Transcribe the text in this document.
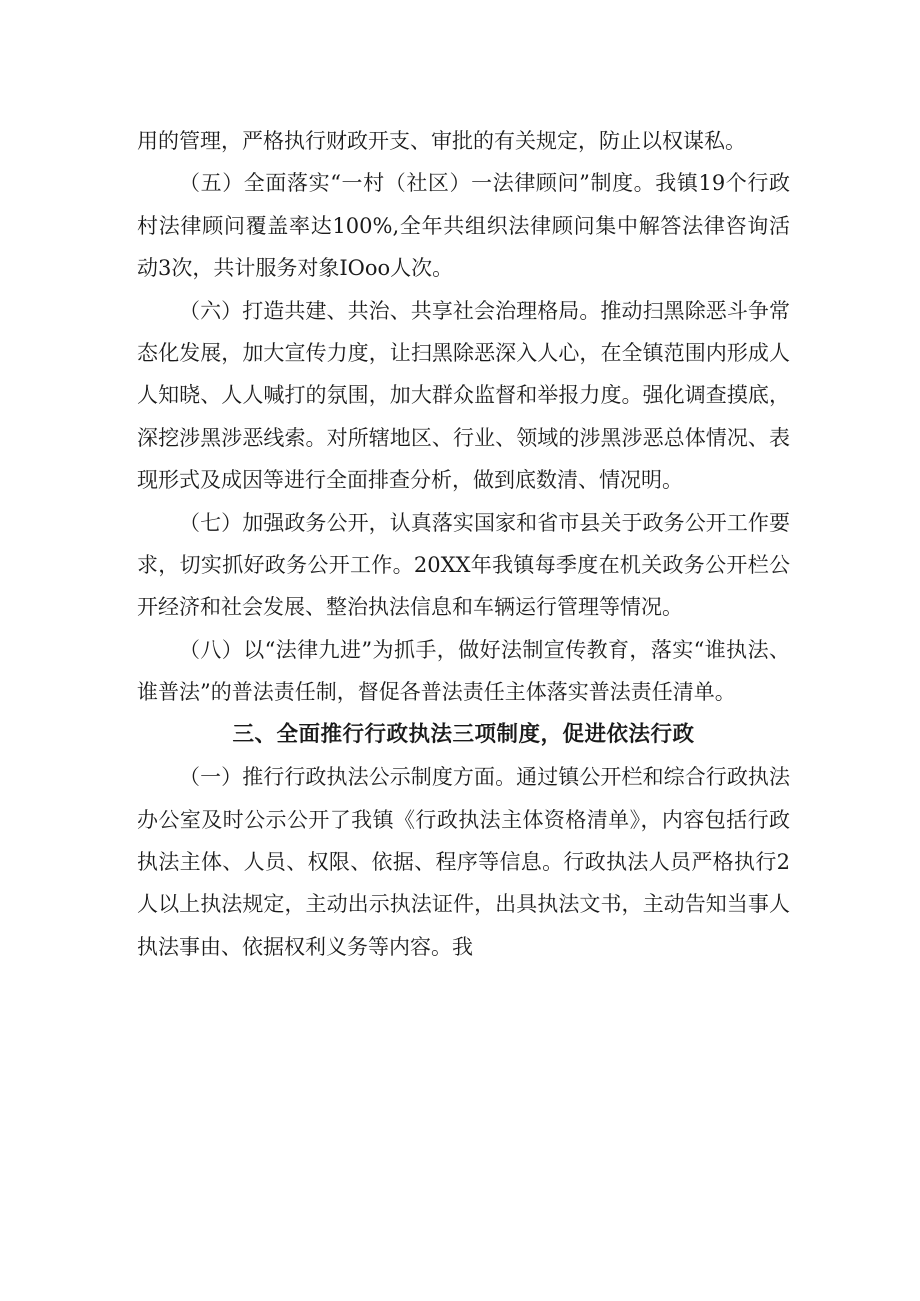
用的管理，严格执行财政开支、审批的有关规定，防止以权谋私。

（五）全面落实“一村（社区）一法律顾问”制度。我镇19个行政村法律顾问覆盖率达100%,全年共组织法律顾问集中解答法律咨询活动3次，共计服务对象IOoo人次。

（六）打造共建、共治、共享社会治理格局。推动扫黑除恶斗争常态化发展，加大宣传力度，让扫黑除恶深入人心，在全镇范围内形成人人知晓、人人喊打的氛围，加大群众监督和举报力度。强化调查摸底，深挖涉黑涉恶线索。对所辖地区、行业、领域的涉黑涉恶总体情况、表现形式及成因等进行全面排查分析，做到底数清、情况明。

（七）加强政务公开，认真落实国家和省市县关于政务公开工作要求，切实抓好政务公开工作。20XX年我镇每季度在机关政务公开栏公开经济和社会发展、整治执法信息和车辆运行管理等情况。

（八）以“法律九进”为抓手，做好法制宣传教育，落实“谁执法、谁普法”的普法责任制，督促各普法责任主体落实普法责任清单。

三、全面推行行政执法三项制度，促进依法行政

（一）推行行政执法公示制度方面。通过镇公开栏和综合行政执法办公室及时公示公开了我镇《行政执法主体资格清单》，内容包括行政执法主体、人员、权限、依据、程序等信息。行政执法人员严格执行2人以上执法规定，主动出示执法证件，出具执法文书，主动告知当事人执法事由、依据权利义务等内容。我
